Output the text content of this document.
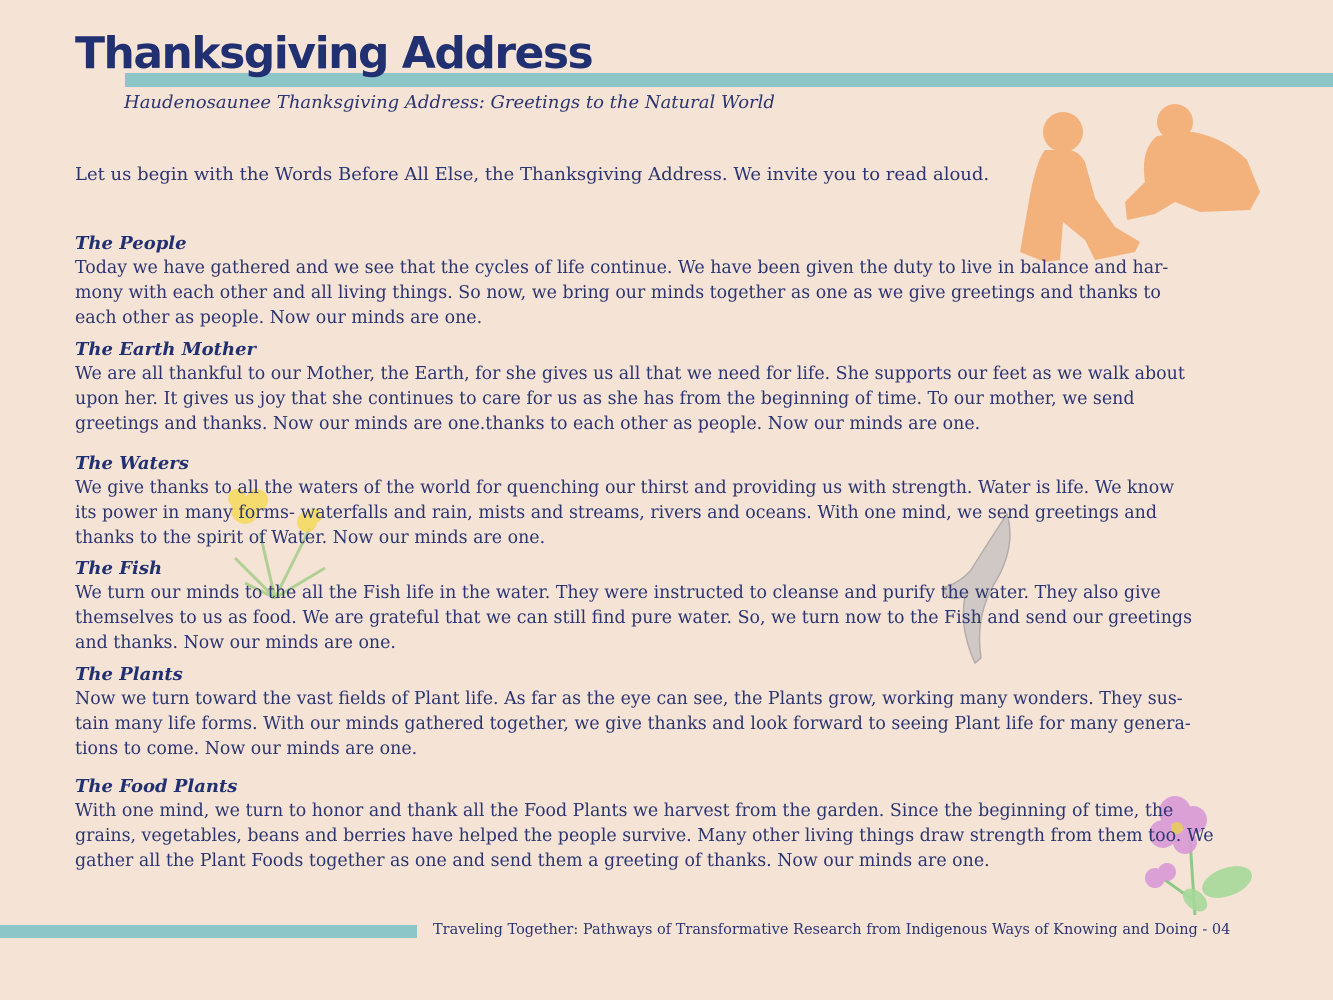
Thanksgiving Address

Haudenosaunee Thanksgiving Address: Greetings to the Natural World

Let us begin with the Words Before All Else, the Thanksgiving Address. We invite you to read aloud.

The People

Today we have gathered and we see that the cycles of life continue. We have been given the duty to live in balance and har-
mony with each other and all living things. So now, we bring our minds together as one as we give greetings and thanks to
each other as people. Now our minds are one.

The Earth Mother

We are all thankful to our Mother, the Earth, for she gives us all that we need for life. She supports our feet as we walk about
upon her. It gives us joy that she continues to care for us as she has from the beginning of time. To our mother, we send
greetings and thanks. Now our minds are one.thanks to each other as people. Now our minds are one.

The Waters

We give thanks to all the waters of the world for quenching our thirst and providing us with strength. Water is life. We know
its power in many forms- waterfalls and rain, mists and streams, rivers and oceans. With one mind, we send greetings and
thanks to the spirit of Water. Now our minds are one.

The Fish

We turn our minds to the all the Fish life in the water. They were instructed to cleanse and purify the water. They also give
themselves to us as food. We are grateful that we can still find pure water. So, we turn now to the Fish and send our greetings
and thanks. Now our minds are one.

The Plants

Now we turn toward the vast fields of Plant life. As far as the eye can see, the Plants grow, working many wonders. They sus-
tain many life forms. With our minds gathered together, we give thanks and look forward to seeing Plant life for many genera-
tions to come. Now our minds are one.

The Food Plants

With one mind, we turn to honor and thank all the Food Plants we harvest from the garden. Since the beginning of time, the
grains, vegetables, beans and berries have helped the people survive. Many other living things draw strength from them too. We
gather all the Plant Foods together as one and send them a greeting of thanks. Now our minds are one.

Traveling Together: Pathways of Transformative Research from Indigenous Ways of Knowing and Doing - 04
